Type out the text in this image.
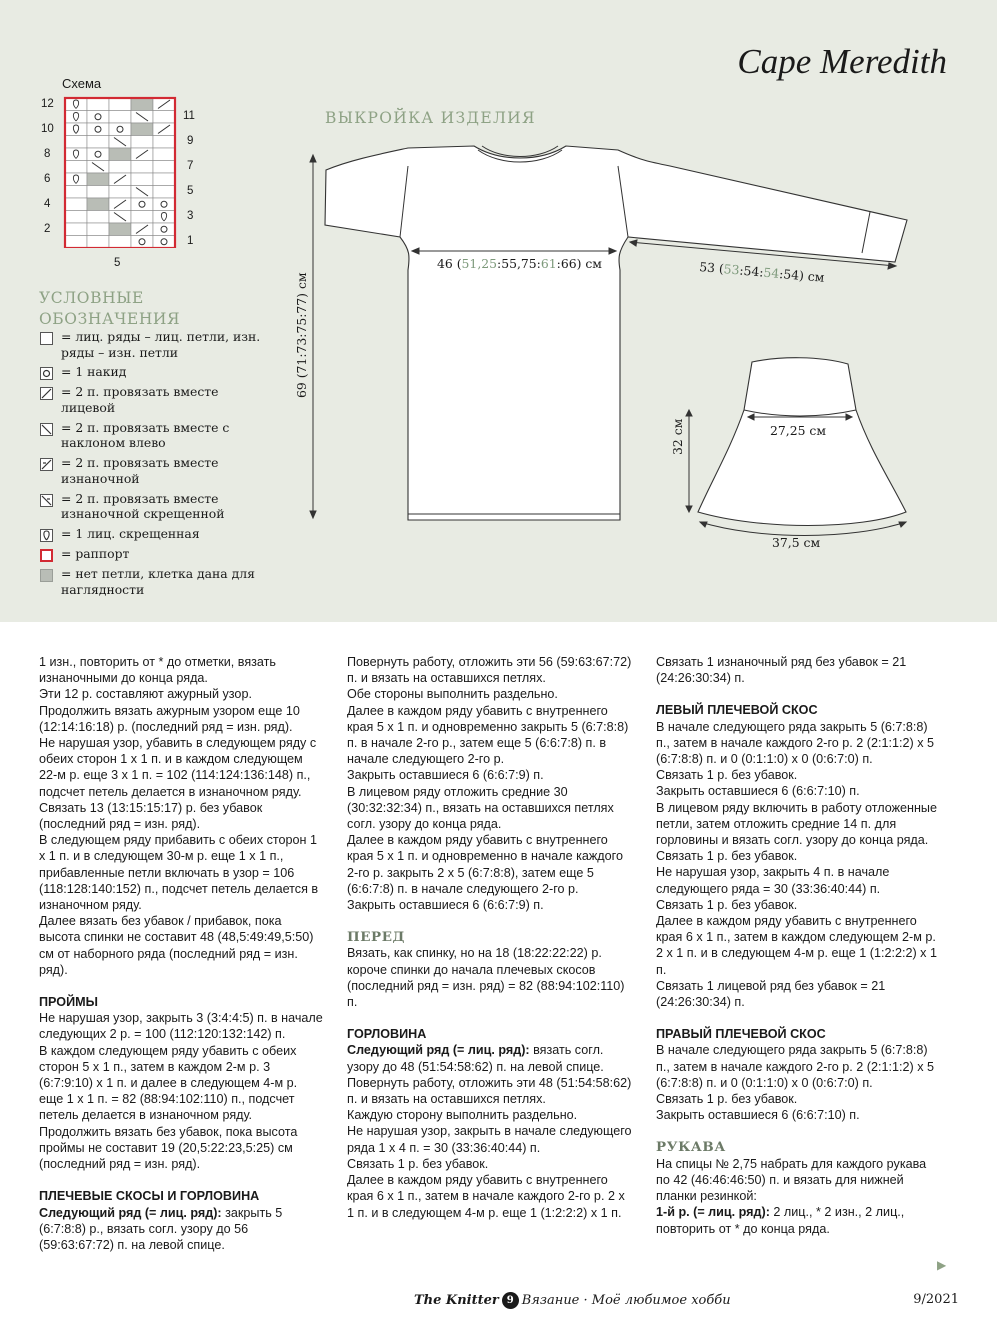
Cape Meredith
ВЫКРОЙКА ИЗДЕЛИЯ
Схема
12
10
8
6
4
2
11
9
7
5
3
1
5
УСЛОВНЫЕ
ОБОЗНАЧЕНИЯ
= лиц. ряды – лиц. петли, изн. ряды – изн. петли
= 1 накид
= 2 п. провязать вместе лицевой
= 2 п. провязать вместе с наклоном влево
= 2 п. провязать вместе изнаночной
= 2 п. провязать вместе изнаночной скрещенной
= 1 лиц. скрещенная
= раппорт
= нет петли, клетка дана для наглядности
46 (51,25:55,75:61:66) см	53 (53:54:54:54) см
69 (71:73:75:77) см
27,25 см
32 см
37,5 см

1 изн., повторить от * до отметки, вязать изнаночными до конца ряда.

Эти 12 р. составляют ажурный узор.

Продолжить вязать ажурным узором еще 10 (12:14:16:18) р. (последний ряд = изн. ряд).

Не нарушая узор, убавить в следующем ряду с обеих сторон 1 х 1 п. и в каждом следующем 22-м р. еще 3 х 1 п. = 102 (114:124:136:148) п., подсчет петель делается в изнаночном ряду.

Связать 13 (13:15:15:17) р. без убавок (последний ряд = изн. ряд).

В следующем ряду прибавить с обеих сторон 1 х 1 п. и в следующем 30-м р. еще 1 х 1 п., прибавленные петли включать в узор = 106 (118:128:140:152) п., подсчет петель делается в изнаночном ряду.

Далее вязать без убавок / прибавок, пока высота спинки не составит 48 (48,5:49:49,5:50) см от наборного ряда (последний ряд = изн. ряд).

ПРОЙМЫ

Не нарушая узор, закрыть 3 (3:4:4:5) п. в начале следующих 2 р. = 100 (112:120:132:142) п.

В каждом следующем ряду убавить с обеих сторон 5 х 1 п., затем в каждом 2-м р. 3 (6:7:9:10) х 1 п. и далее в следующем 4-м р. еще 1 х 1 п. = 82 (88:94:102:110) п., подсчет петель делается в изнаночном ряду.

Продолжить вязать без убавок, пока высота проймы не составит 19 (20,5:22:23,5:25) см (последний ряд = изн. ряд).

ПЛЕЧЕВЫЕ СКОСЫ И ГОРЛОВИНА

Следующий ряд (= лиц. ряд): закрыть 5 (6:7:8:8) р., вязать согл. узору до 56 (59:63:67:72) п. на левой спице.

Повернуть работу, отложить эти 56 (59:63:67:72) п. и вязать на оставшихся петлях.

Обе стороны выполнить раздельно.

Далее в каждом ряду убавить с внутреннего края 5 х 1 п. и одновременно закрыть 5 (6:7:8:8) п. в начале 2-го р., затем еще 5 (6:6:7:8) п. в начале следующего 2-го р.

Закрыть оставшиеся 6 (6:6:7:9) п.

В лицевом ряду отложить средние 30 (30:32:32:34) п., вязать на оставшихся петлях согл. узору до конца ряда.

Далее в каждом ряду убавить с внутреннего края 5 х 1 п. и одновременно в начале каждого 2-го р. закрыть 2 х 5 (6:7:8:8), затем еще 5 (6:6:7:8) п. в начале следующего 2-го р.

Закрыть оставшиеся 6 (6:6:7:9) п.

ПЕРЕД

Вязать, как спинку, но на 18 (18:22:22:22) р. короче спинки до начала плечевых скосов (последний ряд = изн. ряд) = 82 (88:94:102:110) п.

ГОРЛОВИНА

Следующий ряд (= лиц. ряд): вязать согл. узору до 48 (51:54:58:62) п. на левой спице.

Повернуть работу, отложить эти 48 (51:54:58:62) п. и вязать на оставшихся петлях.

Каждую сторону выполнить раздельно.

Не нарушая узор, закрыть в начале следующего ряда 1 х 4 п. = 30 (33:36:40:44) п.

Связать 1 р. без убавок.

Далее в каждом ряду убавить с внутреннего края 6 х 1 п., затем в начале каждого 2-го р. 2 х 1 п. и в следующем 4-м р. еще 1 (1:2:2:2) х 1 п.

Связать 1 изнаночный ряд без убавок = 21 (24:26:30:34) п.

ЛЕВЫЙ ПЛЕЧЕВОЙ СКОС

В начале следующего ряда закрыть 5 (6:7:8:8) п., затем в начале каждого 2-го р. 2 (2:1:1:2) х 5 (6:7:8:8) п. и 0 (0:1:1:0) х 0 (0:6:7:0) п.

Связать 1 р. без убавок.

Закрыть оставшиеся 6 (6:6:7:10) п.

В лицевом ряду включить в работу отложенные петли, затем отложить средние 14 п. для горловины и вязать согл. узору до конца ряда.

Связать 1 р. без убавок.

Не нарушая узор, закрыть 4 п. в начале следующего ряда = 30 (33:36:40:44) п.

Связать 1 р. без убавок.

Далее в каждом ряду убавить с внутреннего края 6 х 1 п., затем в каждом следующем 2-м р. 2 х 1 п. и в следующем 4-м р. еще 1 (1:2:2:2) х 1 п.

Связать 1 лицевой ряд без убавок = 21 (24:26:30:34) п.

ПРАВЫЙ ПЛЕЧЕВОЙ СКОС

В начале следующего ряда закрыть 5 (6:7:8:8) п., затем в начале каждого 2-го р. 2 (2:1:1:2) х 5 (6:7:8:8) п. и 0 (0:1:1:0) х 0 (0:6:7:0) п.

Связать 1 р. без убавок.

Закрыть оставшиеся 6 (6:6:7:10) п.

РУКАВА

На спицы № 2,75 набрать для каждого рукава по 42 (46:46:46:50) п. и вязать для нижней планки резинкой:

1-й р. (= лиц. ряд): 2 лиц., * 2 изн., 2 лиц., повторить от * до конца ряда.

▶
The Knitter 9 Вязание · Моё любимое хобби	9/2021
